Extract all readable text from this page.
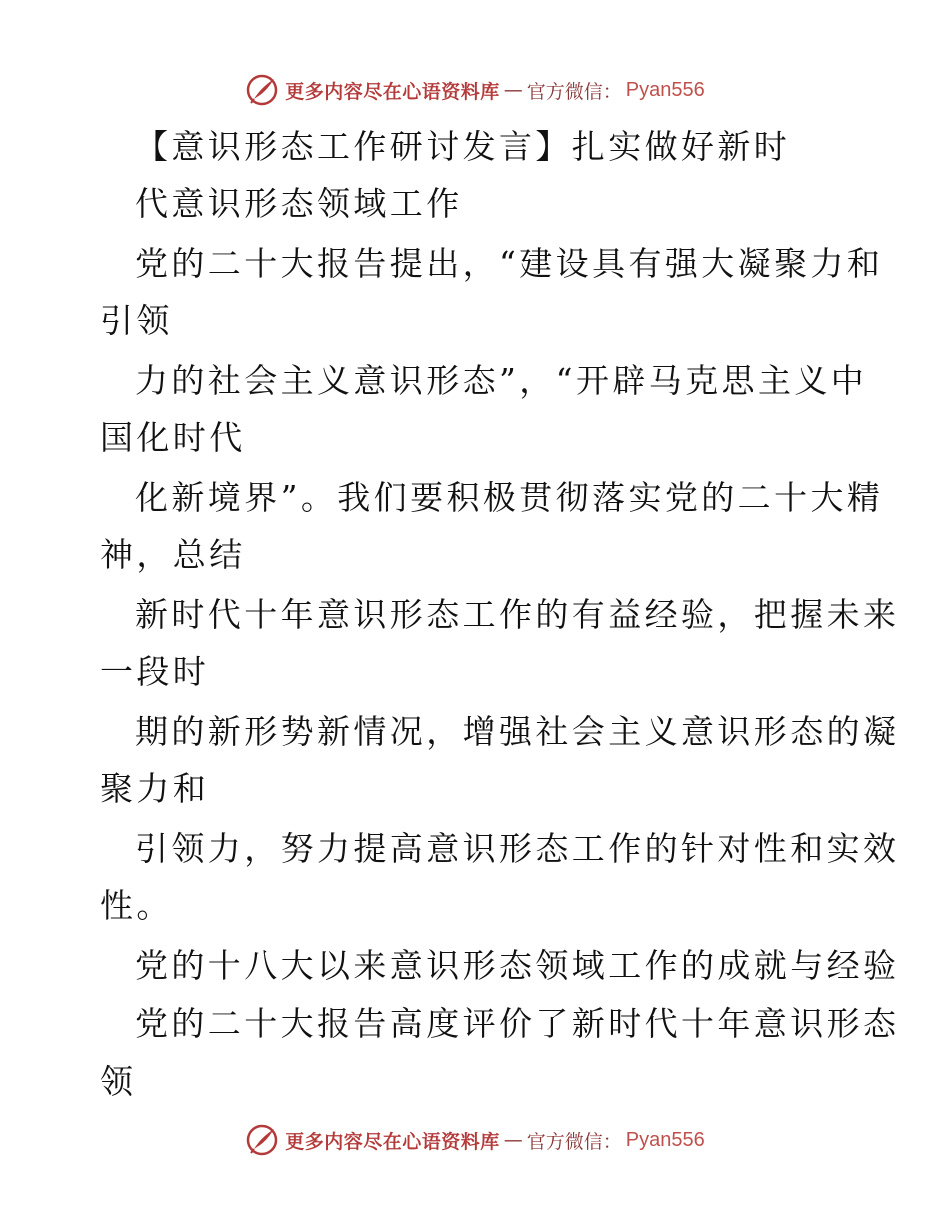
更多内容尽在心语资料库 — 官方微信： Pyan556
【意识形态工作研讨发言】扎实做好新时
代意识形态领域工作
党的二十大报告提出，“建设具有强大凝聚力和
引领
力的社会主义意识形态”，“开辟马克思主义中
国化时代
化新境界”。我们要积极贯彻落实党的二十大精
神，总结
新时代十年意识形态工作的有益经验，把握未来
一段时
期的新形势新情况，增强社会主义意识形态的凝
聚力和
引领力，努力提高意识形态工作的针对性和实效
性。
党的十八大以来意识形态领域工作的成就与经验
党的二十大报告高度评价了新时代十年意识形态
领
更多内容尽在心语资料库 — 官方微信： Pyan556
